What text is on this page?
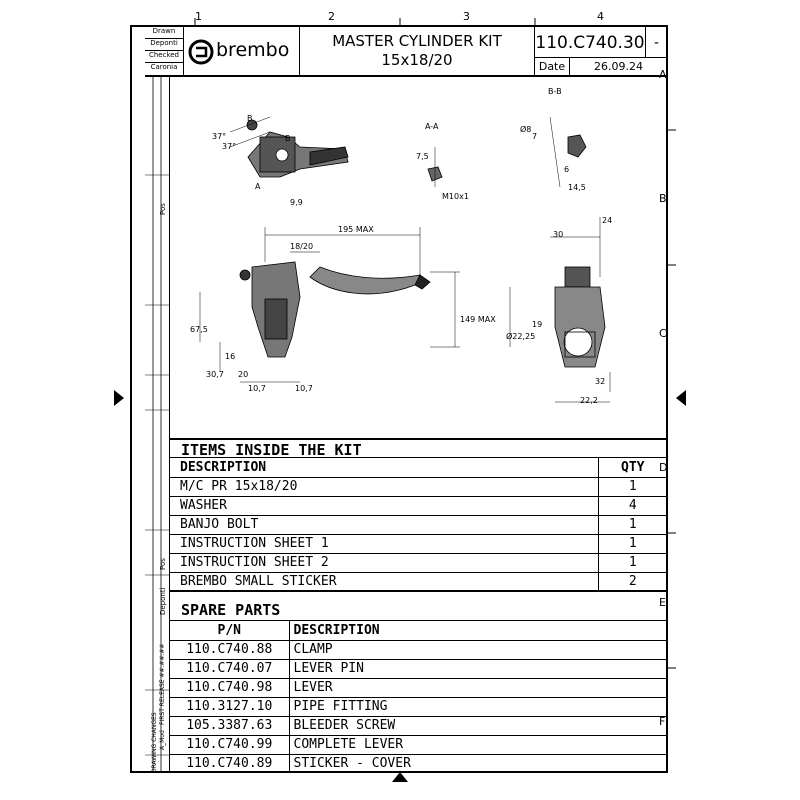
1	2	3	4
A
B
C
D
E
F
Drawn
Deponti
Checked
Caronia
brembo	MASTER CYLINDER KIT
15x18/20
110.C740.30 -
Date	26.09.24
Pos
Pos
Deponti
FIRST RELEASE ##.##.##
A_Mod
DRAWING CHANGES
B-B
A-A
B
B
A
37°
37°
9,9
7,5
M10x1
Ø8
7
6
14,5
195 MAX
18/20
149 MAX
67,5
30,7
16
20
10,7	10,7
24
30
Ø22,25
19
32
22,2
ITEMS INSIDE THE KIT
DESCRIPTION	QTY
M/C PR 15x18/20	1
WASHER	4
BANJO BOLT	1
INSTRUCTION SHEET 1	1
INSTRUCTION SHEET 2	1
BREMBO SMALL STICKER	2
SPARE PARTS
P/N	DESCRIPTION
110.C740.88	CLAMP
110.C740.07	LEVER PIN
110.C740.98	LEVER
110.3127.10	PIPE FITTING
105.3387.63	BLEEDER SCREW
110.C740.99	COMPLETE LEVER
110.C740.89	STICKER - COVER
